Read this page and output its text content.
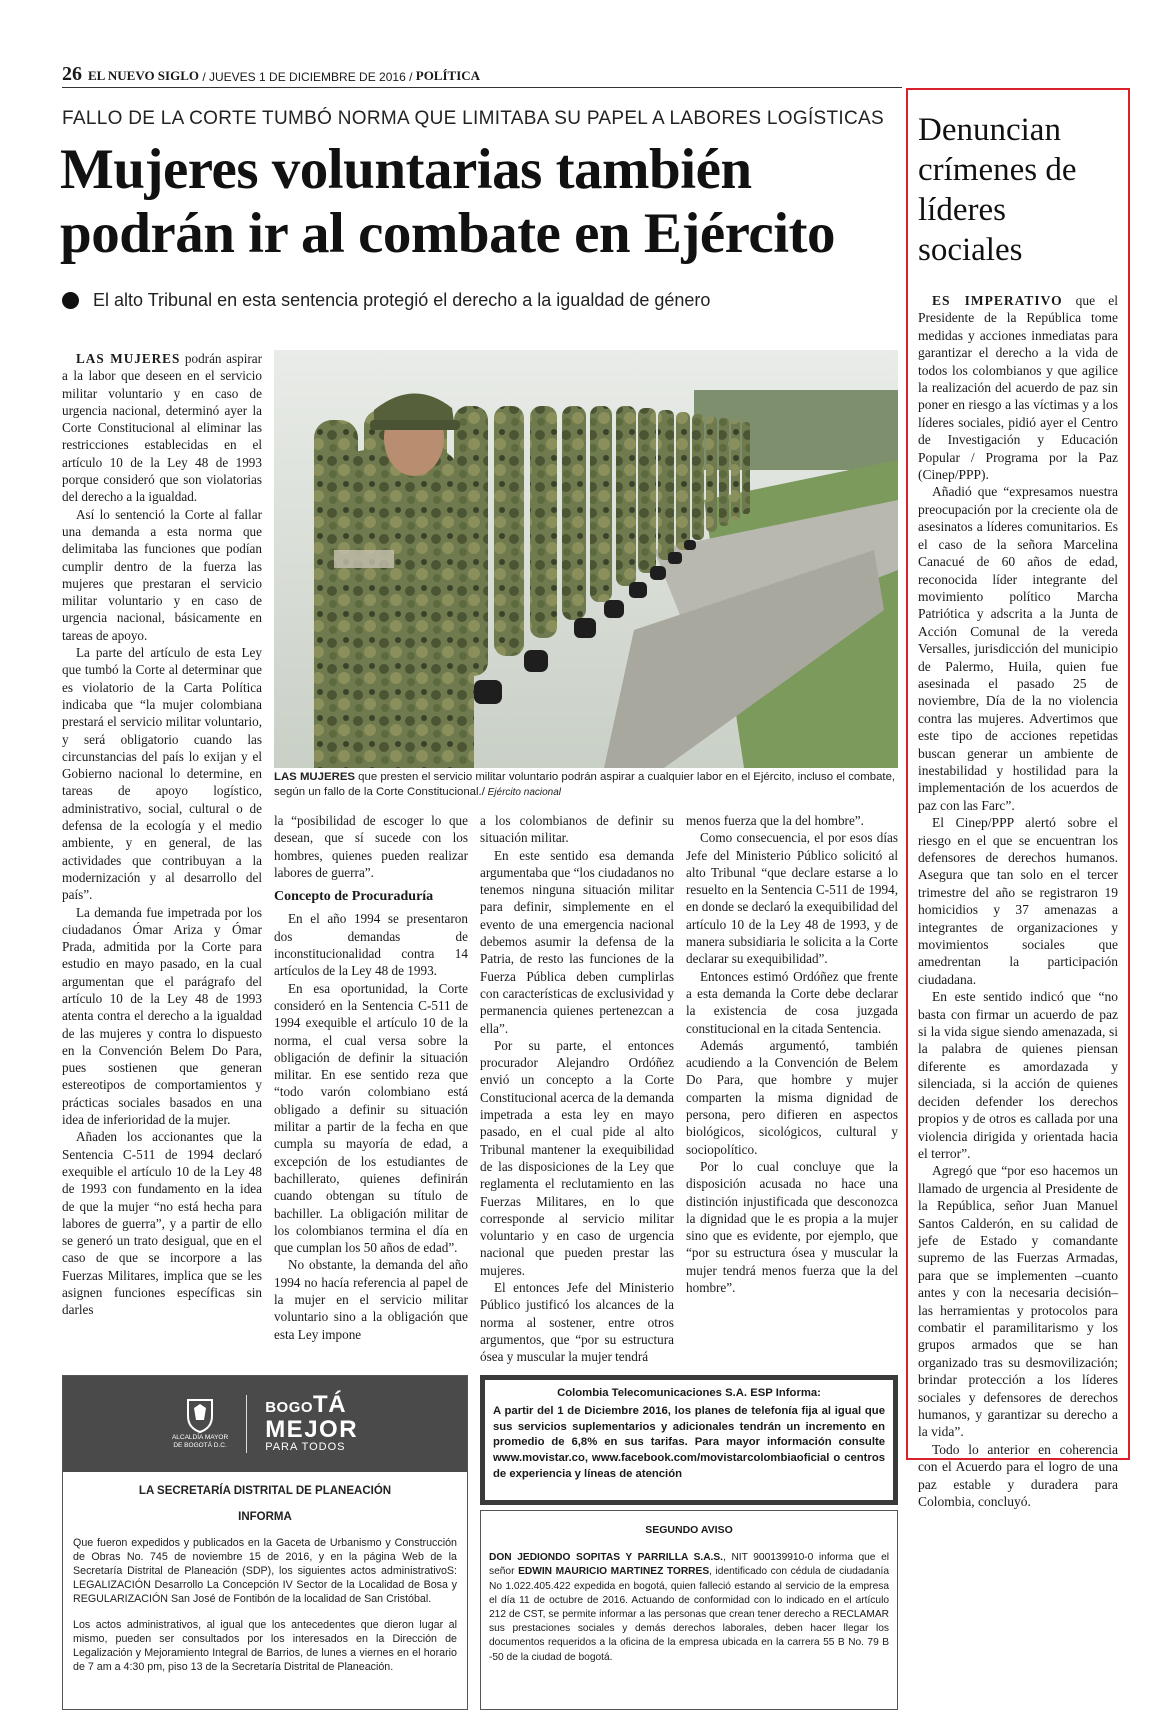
26 EL NUEVO SIGLO / JUEVES 1 DE DICIEMBRE DE 2016 / POLÍTICA
FALLO DE LA CORTE TUMBÓ NORMA QUE LIMITABA SU PAPEL A LABORES LOGÍSTICAS
Mujeres voluntarias también podrán ir al combate en Ejército
El alto Tribunal en esta sentencia protegió el derecho a la igualdad de género

LAS MUJERES podrán aspirar a la labor que deseen en el servicio militar voluntario y en caso de urgencia nacional, determinó ayer la Corte Constitucional al eliminar las restricciones establecidas en el artículo 10 de la Ley 48 de 1993 porque consideró que son violatorias del derecho a la igualdad.

Así lo sentenció la Corte al fallar una demanda a esta norma que delimitaba las funciones que podían cumplir dentro de la fuerza las mujeres que prestaran el servicio militar voluntario y en caso de urgencia nacional, básicamente en tareas de apoyo.

La parte del artículo de esta Ley que tumbó la Corte al determinar que es violatorio de la Carta Política indicaba que “la mujer colombiana prestará el servicio militar voluntario, y será obligatorio cuando las circunstancias del país lo exijan y el Gobierno nacional lo determine, en tareas de apoyo logístico, administrativo, social, cultural o de defensa de la ecología y el medio ambiente, y en general, de las actividades que contribuyan a la modernización y al desarrollo del país”.

La demanda fue impetrada por los ciudadanos Ómar Ariza y Ómar Prada, admitida por la Corte para estudio en mayo pasado, en la cual argumentan que el parágrafo del artículo 10 de la Ley 48 de 1993 atenta contra el derecho a la igualdad de las mujeres y contra lo dispuesto en la Convención Belem Do Para, pues sostienen que generan estereotipos de comportamientos y prácticas sociales basados en una idea de inferioridad de la mujer.

Añaden los accionantes que la Sentencia C-511 de 1994 declaró exequible el artículo 10 de la Ley 48 de 1993 con fundamento en la idea de que la mujer “no está hecha para labores de guerra”, y a partir de ello se generó un trato desigual, que en el caso de que se incorpore a las Fuerzas Militares, implica que se les asignen funciones específicas sin darles

LAS MUJERES que presten el servicio militar voluntario podrán aspirar a cualquier labor en el Ejército, incluso el combate, según un fallo de la Corte Constitucional./ Ejército nacional

la “posibilidad de escoger lo que desean, que sí sucede con los hombres, quienes pueden realizar labores de guerra”.

Concepto de Procuraduría

En el año 1994 se presentaron dos demandas de inconstitucionalidad contra 14 artículos de la Ley 48 de 1993.

En esa oportunidad, la Corte consideró en la Sentencia C-511 de 1994 exequible el artículo 10 de la norma, el cual versa sobre la obligación de definir la situación militar. En ese sentido reza que “todo varón colombiano está obligado a definir su situación militar a partir de la fecha en que cumpla su mayoría de edad, a excepción de los estudiantes de bachillerato, quienes definirán cuando obtengan su título de bachiller. La obligación militar de los colombianos termina el día en que cumplan los 50 años de edad”.

No obstante, la demanda del año 1994 no hacía referencia al papel de la mujer en el servicio militar voluntario sino a la obligación que esta Ley impone

a los colombianos de definir su situación militar.

En este sentido esa demanda argumentaba que “los ciudadanos no tenemos ninguna situación militar para definir, simplemente en el evento de una emergencia nacional debemos asumir la defensa de la Patria, de resto las funciones de la Fuerza Pública deben cumplirlas con características de exclusividad y permanencia quienes pertenezcan a ella”.

Por su parte, el entonces procurador Alejandro Ordóñez envió un concepto a la Corte Constitucional acerca de la demanda impetrada a esta ley en mayo pasado, en el cual pide al alto Tribunal mantener la exequibilidad de las disposiciones de la Ley que reglamenta el reclutamiento en las Fuerzas Militares, en lo que corresponde al servicio militar voluntario y en caso de urgencia nacional que pueden prestar las mujeres.

El entonces Jefe del Ministerio Público justificó los alcances de la norma al sostener, entre otros argumentos, que “por su estructura ósea y muscular la mujer tendrá

menos fuerza que la del hombre”.

Como consecuencia, el por esos días Jefe del Ministerio Público solicitó al alto Tribunal “que declare estarse a lo resuelto en la Sentencia C-511 de 1994, en donde se declaró la exequibilidad del artículo 10 de la Ley 48 de 1993, y de manera subsidiaria le solicita a la Corte declarar su exequibilidad”.

Entonces estimó Ordóñez que frente a esta demanda la Corte debe declarar la existencia de cosa juzgada constitucional en la citada Sentencia.

Además argumentó, también acudiendo a la Convención de Belem Do Para, que hombre y mujer comparten la misma dignidad de persona, pero difieren en aspectos biológicos, sicológicos, cultural y sociopolítico.

Por lo cual concluye que la disposición acusada no hace una distinción injustificada que desconozca la dignidad que le es propia a la mujer sino que es evidente, por ejemplo, que “por su estructura ósea y muscular la mujer tendrá menos fuerza que la del hombre”.

Denuncian crímenes de líderes sociales

ES IMPERATIVO que el Presidente de la República tome medidas y acciones inmediatas para garantizar el derecho a la vida de todos los colombianos y que agilice la realización del acuerdo de paz sin poner en riesgo a las víctimas y a los líderes sociales, pidió ayer el Centro de Investigación y Educación Popular / Programa por la Paz (Cinep/PPP).

Añadió que “expresamos nuestra preocupación por la creciente ola de asesinatos a líderes comunitarios. Es el caso de la señora Marcelina Canacué de 60 años de edad, reconocida líder integrante del movimiento político Marcha Patriótica y adscrita a la Junta de Acción Comunal de la vereda Versalles, jurisdicción del municipio de Palermo, Huila, quien fue asesinada el pasado 25 de noviembre, Día de la no violencia contra las mujeres. Advertimos que este tipo de acciones repetidas buscan generar un ambiente de inestabilidad y hostilidad para la implementación de los acuerdos de paz con las Farc”.

El Cinep/PPP alertó sobre el riesgo en el que se encuentran los defensores de derechos humanos. Asegura que tan solo en el tercer trimestre del año se registraron 19 homicidios y 37 amenazas a integrantes de organizaciones y movimientos sociales que amedrentan la participación ciudadana.

En este sentido indicó que “no basta con firmar un acuerdo de paz si la vida sigue siendo amenazada, si la palabra de quienes piensan diferente es amordazada y silenciada, si la acción de quienes deciden defender los derechos propios y de otros es callada por una violencia dirigida y orientada hacia el terror”.

Agregó que “por eso hacemos un llamado de urgencia al Presidente de la República, señor Juan Manuel Santos Calderón, en su calidad de jefe de Estado y comandante supremo de las Fuerzas Armadas, para que se implementen –cuanto antes y con la necesaria decisión– las herramientas y protocolos para combatir el paramilitarismo y los grupos armados que se han organizado tras su desmovilización; brindar protección a los líderes sociales y defensores de derechos humanos, y garantizar su derecho a la vida”.

Todo lo anterior en coherencia con el Acuerdo para el logro de una paz estable y duradera para Colombia, concluyó.

ALCALDÍA MAYOR
DE BOGOTÁ D.C.
BOGOTÁ
MEJOR
PARA TODOS
LA SECRETARÍA DISTRITAL DE PLANEACIÓN
INFORMA

Que fueron expedidos y publicados en la Gaceta de Urbanismo y Construcción de Obras No. 745 de noviembre 15 de 2016, y en la página Web de la Secretaría Distrital de Planeación (SDP), los siguientes actos administrativoS: LEGALIZACIÓN Desarrollo La Concepción IV Sector de la Localidad de Bosa y REGULARIZACIÓN San José de Fontibón de la localidad de San Cristóbal.

Los actos administrativos, al igual que los antecedentes que dieron lugar al mismo, pueden ser consultados por los interesados en la Dirección de Legalización y Mejoramiento Integral de Barrios, de lunes a viernes en el horario de 7 am a 4:30 pm, piso 13 de la Secretaría Distrital de Planeación.

Colombia Telecomunicaciones S.A. ESP Informa:
A partir del 1 de Diciembre 2016, los planes de telefonía fija al igual que sus servicios suplementarios y adicionales tendrán un incremento en promedio de 6,8% en sus tarifas. Para mayor información consulte www.movistar.co, www.facebook.com/movistarcolombiaoficial o centros de experiencia y líneas de atención
SEGUNDO AVISO
DON JEDIONDO SOPITAS Y PARRILLA S.A.S., NIT 900139910-0 informa que el señor EDWIN MAURICIO MARTINEZ TORRES, identificado con cédula de ciudadanía No 1.022.405.422 expedida en bogotá, quien falleció estando al servicio de la empresa el día 11 de octubre de 2016. Actuando de conformidad con lo indicado en el artículo 212 de CST, se permite informar a las personas que crean tener derecho a RECLAMAR sus prestaciones sociales y demás derechos laborales, deben hacer llegar los documentos requeridos a la oficina de la empresa ubicada en la carrera 55 B No. 79 B -50 de la ciudad de bogotá.
